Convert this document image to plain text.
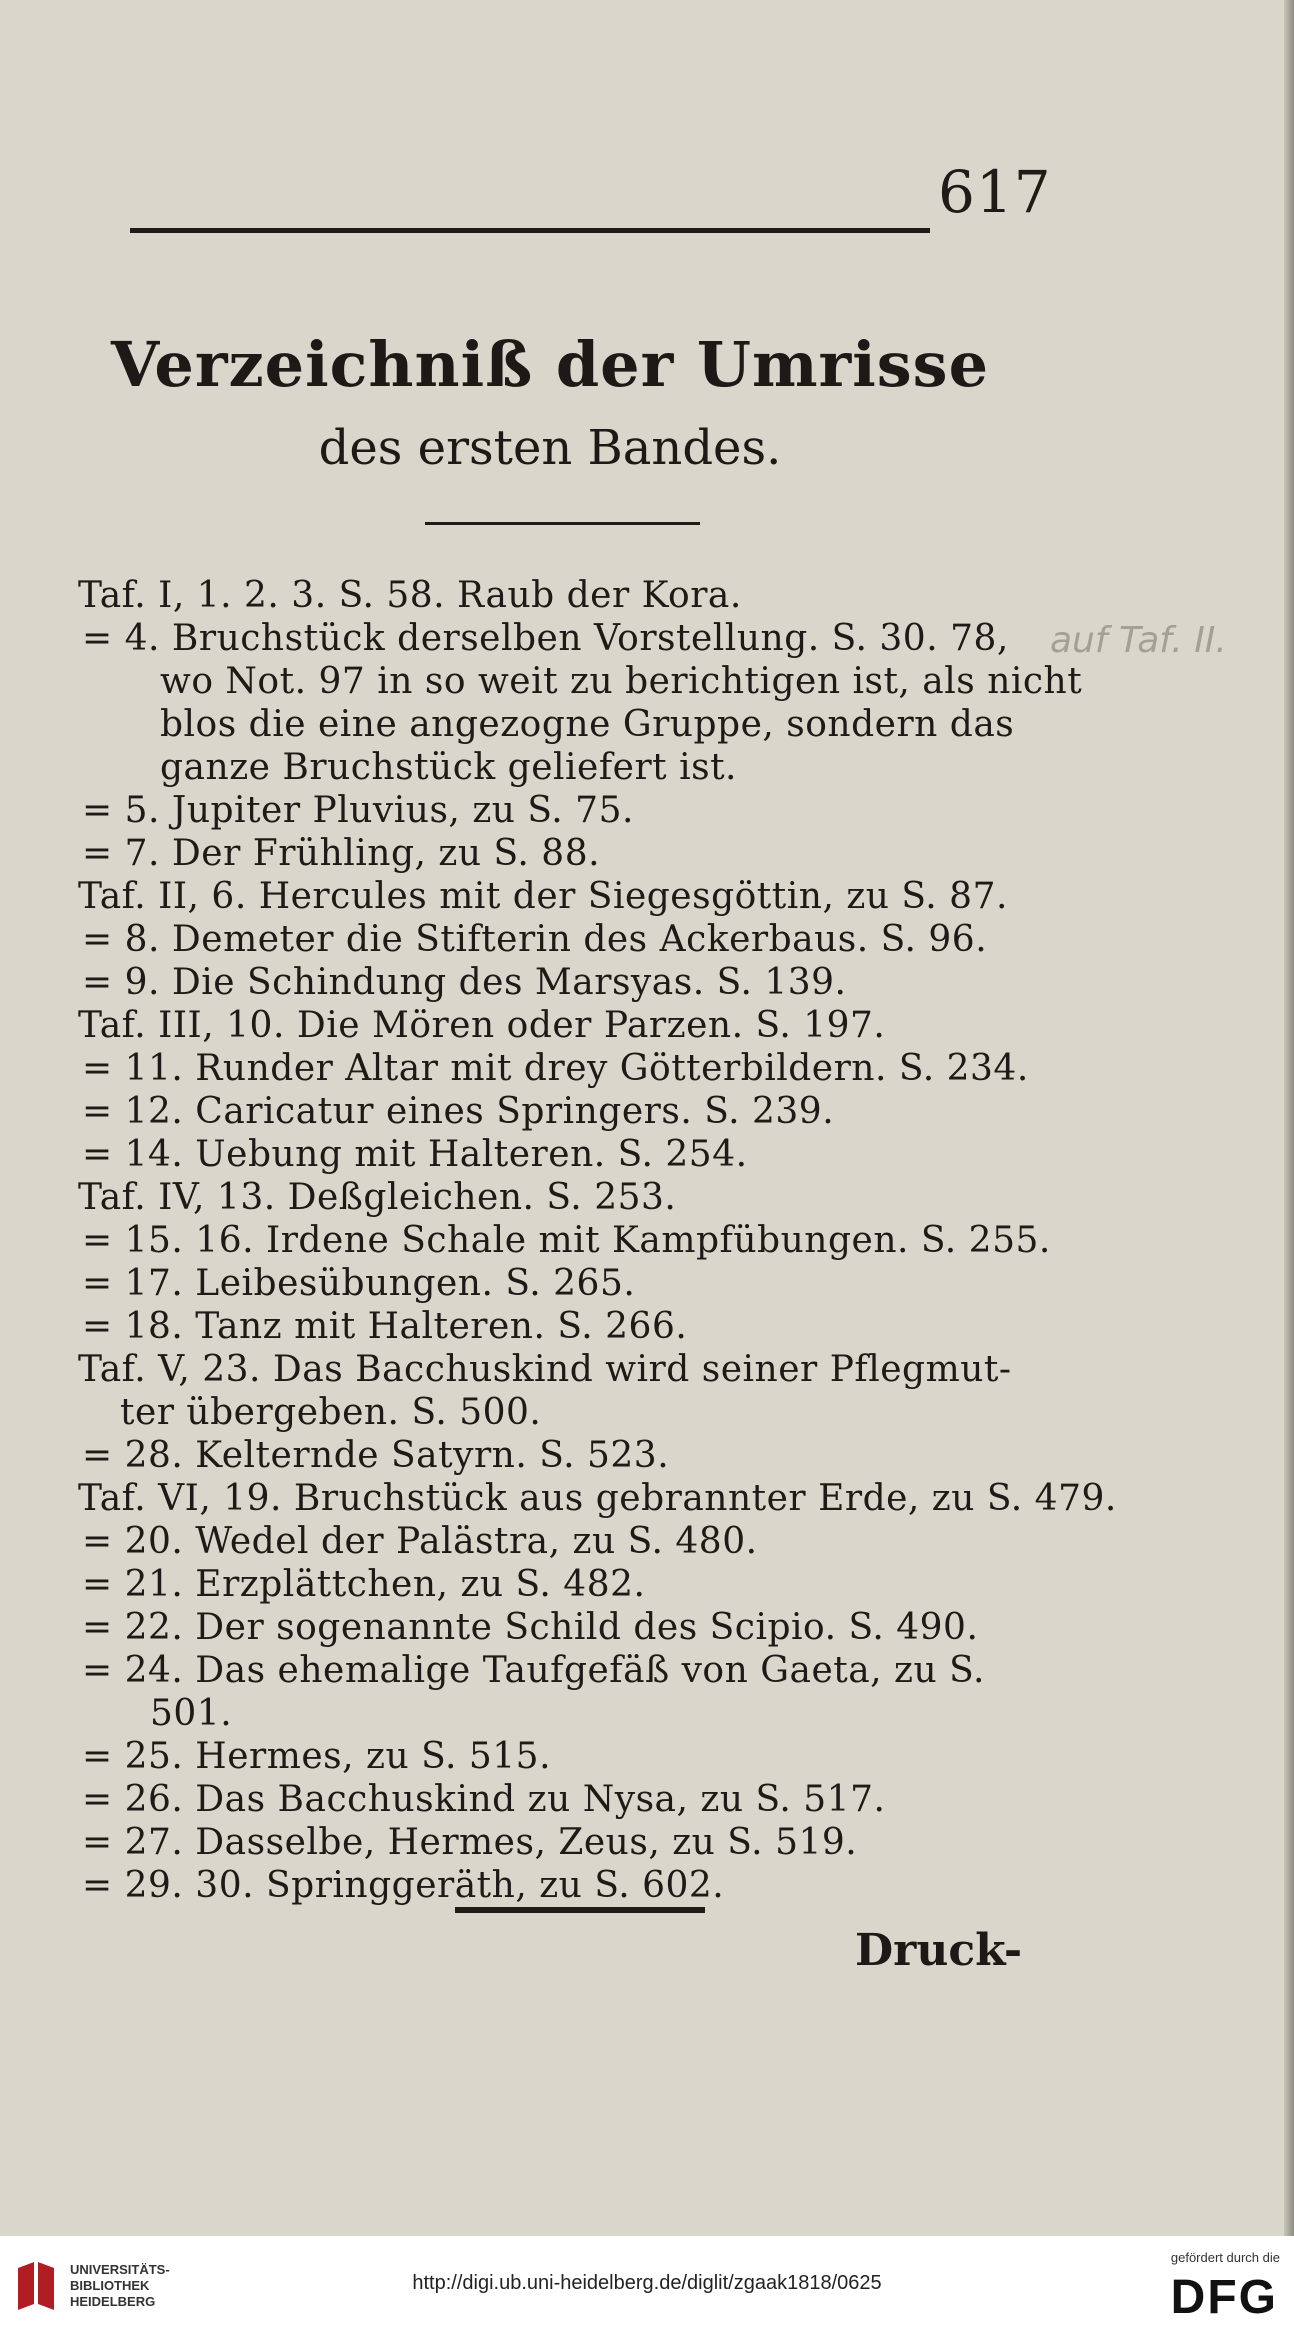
617
Verzeichniß der Umrisse
des ersten Bandes.
auf Taf. II.
Taf. I, 1. 2. 3. S. 58. Raub der Kora.
= 4. Bruchstück derselben Vorstellung. S. 30. 78,
wo Not. 97 in so weit zu berichtigen ist, als nicht
blos die eine angezogne Gruppe, sondern das
ganze Bruchstück geliefert ist.
= 5. Jupiter Pluvius, zu S. 75.
= 7. Der Frühling, zu S. 88.
Taf. II, 6. Hercules mit der Siegesgöttin, zu S. 87.
= 8. Demeter die Stifterin des Ackerbaus. S. 96.
= 9. Die Schindung des Marsyas. S. 139.
Taf. III, 10. Die Mören oder Parzen. S. 197.
= 11. Runder Altar mit drey Götterbildern. S. 234.
= 12. Caricatur eines Springers. S. 239.
= 14. Uebung mit Halteren. S. 254.
Taf. IV, 13. Deßgleichen. S. 253.
= 15. 16. Irdene Schale mit Kampfübungen. S. 255.
= 17. Leibesübungen. S. 265.
= 18. Tanz mit Halteren. S. 266.
Taf. V, 23. Das Bacchuskind wird seiner Pflegmut-
ter übergeben. S. 500.
= 28. Kelternde Satyrn. S. 523.
Taf. VI, 19. Bruchstück aus gebrannter Erde, zu S. 479.
= 20. Wedel der Palästra, zu S. 480.
= 21. Erzplättchen, zu S. 482.
= 22. Der sogenannte Schild des Scipio. S. 490.
= 24. Das ehemalige Taufgefäß von Gaeta, zu S.
501.
= 25. Hermes, zu S. 515.
= 26. Das Bacchuskind zu Nysa, zu S. 517.
= 27. Dasselbe, Hermes, Zeus, zu S. 519.
= 29. 30. Springgeräth, zu S. 602.
Druck-
UNIVERSITÄTS-
BIBLIOTHEK
HEIDELBERG
http://digi.ub.uni-heidelberg.de/diglit/zgaak1818/0625
gefördert durch die
DFG
